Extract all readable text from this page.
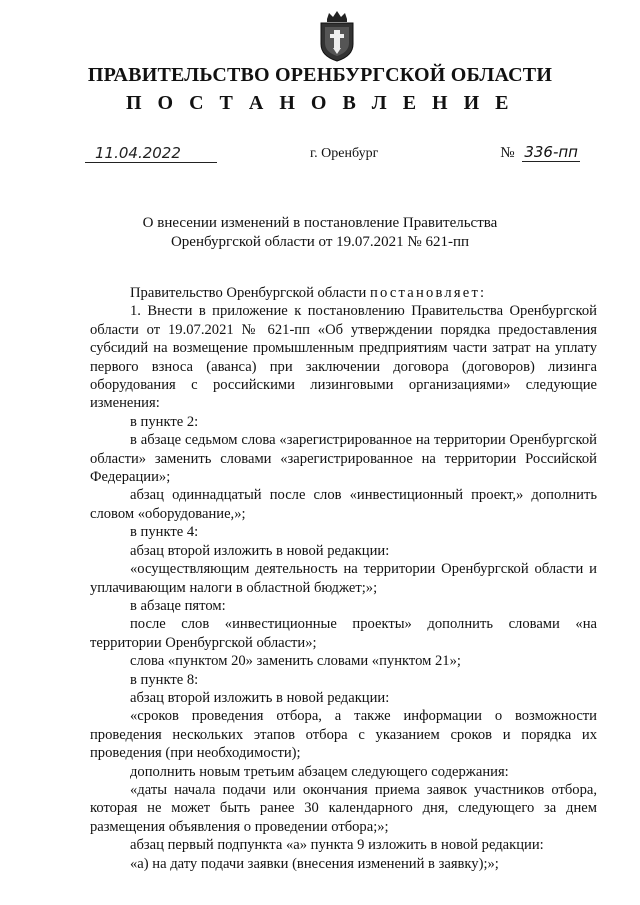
ПРАВИТЕЛЬСТВО ОРЕНБУРГСКОЙ ОБЛАСТИ
П О С Т А Н О В Л Е Н И Е
11.04.2022	г. Оренбург	№ 336-пп
О внесении изменений в постановление Правительства
Оренбургской области от 19.07.2021 № 621-пп

Правительство Оренбургской области постановляет:

1. Внести в приложение к постановлению Правительства Оренбургской области от 19.07.2021 № 621-пп «Об утверждении порядка предоставления субсидий на возмещение промышленным предприятиям части затрат на уплату первого взноса (аванса) при заключении договора (договоров) лизинга оборудования с российскими лизинговыми организациями» следующие изменения:

в пункте 2:

в абзаце седьмом слова «зарегистрированное на территории Оренбургской области» заменить словами «зарегистрированное на территории Российской Федерации»;

абзац одиннадцатый после слов «инвестиционный проект,» дополнить словом «оборудование,»;

в пункте 4:

абзац второй изложить в новой редакции:

«осуществляющим деятельность на территории Оренбургской области и уплачивающим налоги в областной бюджет;»;

в абзаце пятом:

после слов «инвестиционные проекты» дополнить словами «на территории Оренбургской области»;

слова «пунктом 20» заменить словами «пунктом 21»;

в пункте 8:

абзац второй изложить в новой редакции:

«сроков проведения отбора, а также информации о возможности проведения нескольких этапов отбора с указанием сроков и порядка их проведения (при необходимости);

дополнить новым третьим абзацем следующего содержания:

«даты начала подачи или окончания приема заявок участников отбора, которая не может быть ранее 30 календарного дня, следующего за днем размещения объявления о проведении отбора;»;

абзац первый подпункта «а» пункта 9 изложить в новой редакции:

«а) на дату подачи заявки (внесения изменений в заявку);»;
